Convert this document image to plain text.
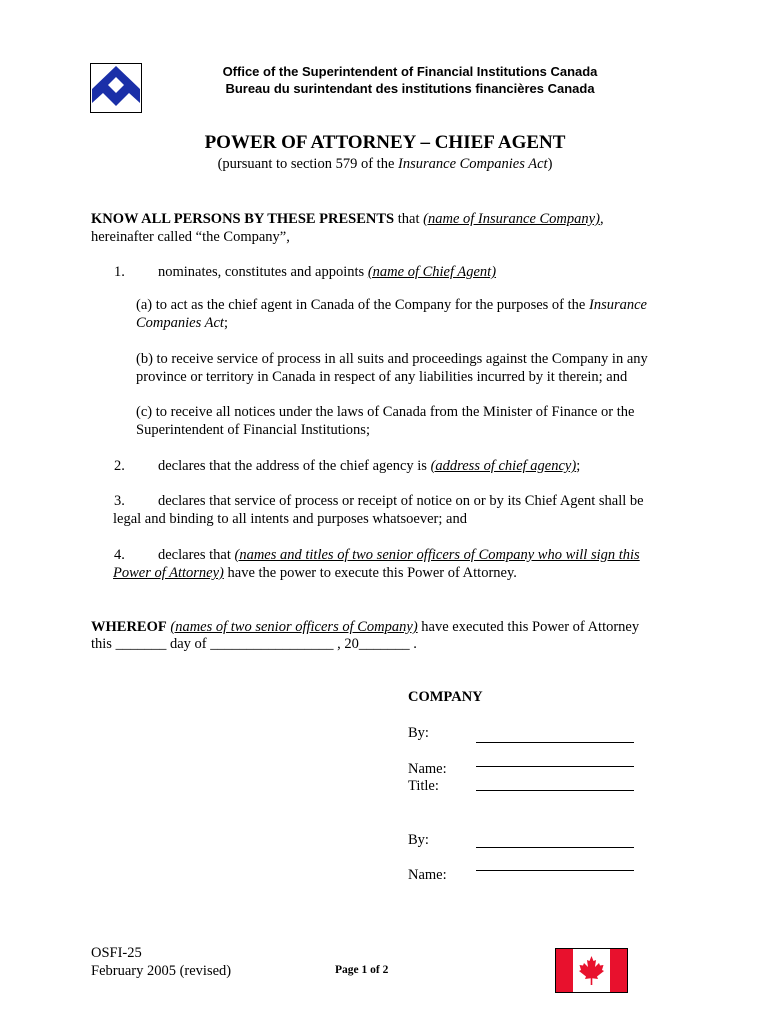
Office of the Superintendent of Financial Institutions Canada
Bureau du surintendant des institutions financières Canada
POWER OF ATTORNEY – CHIEF AGENT
(pursuant to section 579 of the Insurance Companies Act)
KNOW ALL PERSONS BY THESE PRESENTS that (name of Insurance Company),
hereinafter called “the Company”,
1. nominates, constitutes and appoints (name of Chief Agent)
(a) to act as the chief agent in Canada of the Company for the purposes of the Insurance
Companies Act;
(b) to receive service of process in all suits and proceedings against the Company in any
province or territory in Canada in respect of any liabilities incurred by it therein; and
(c) to receive all notices under the laws of Canada from the Minister of Finance or the
Superintendent of Financial Institutions;
2. declares that the address of the chief agency is (address of chief agency);
3. declares that service of process or receipt of notice on or by its Chief Agent shall be
legal and binding to all intents and purposes whatsoever; and
4. declares that (names and titles of two senior officers of Company who will sign this
Power of Attorney) have the power to execute this Power of Attorney.
WHEREOF (names of two senior officers of Company) have executed this Power of Attorney
this _______ day of _________________ , 20_______ .
COMPANY
By:
Name:
Title:
By:
Name:
OSFI-25
February 2005 (revised)	Page 1 of 2
